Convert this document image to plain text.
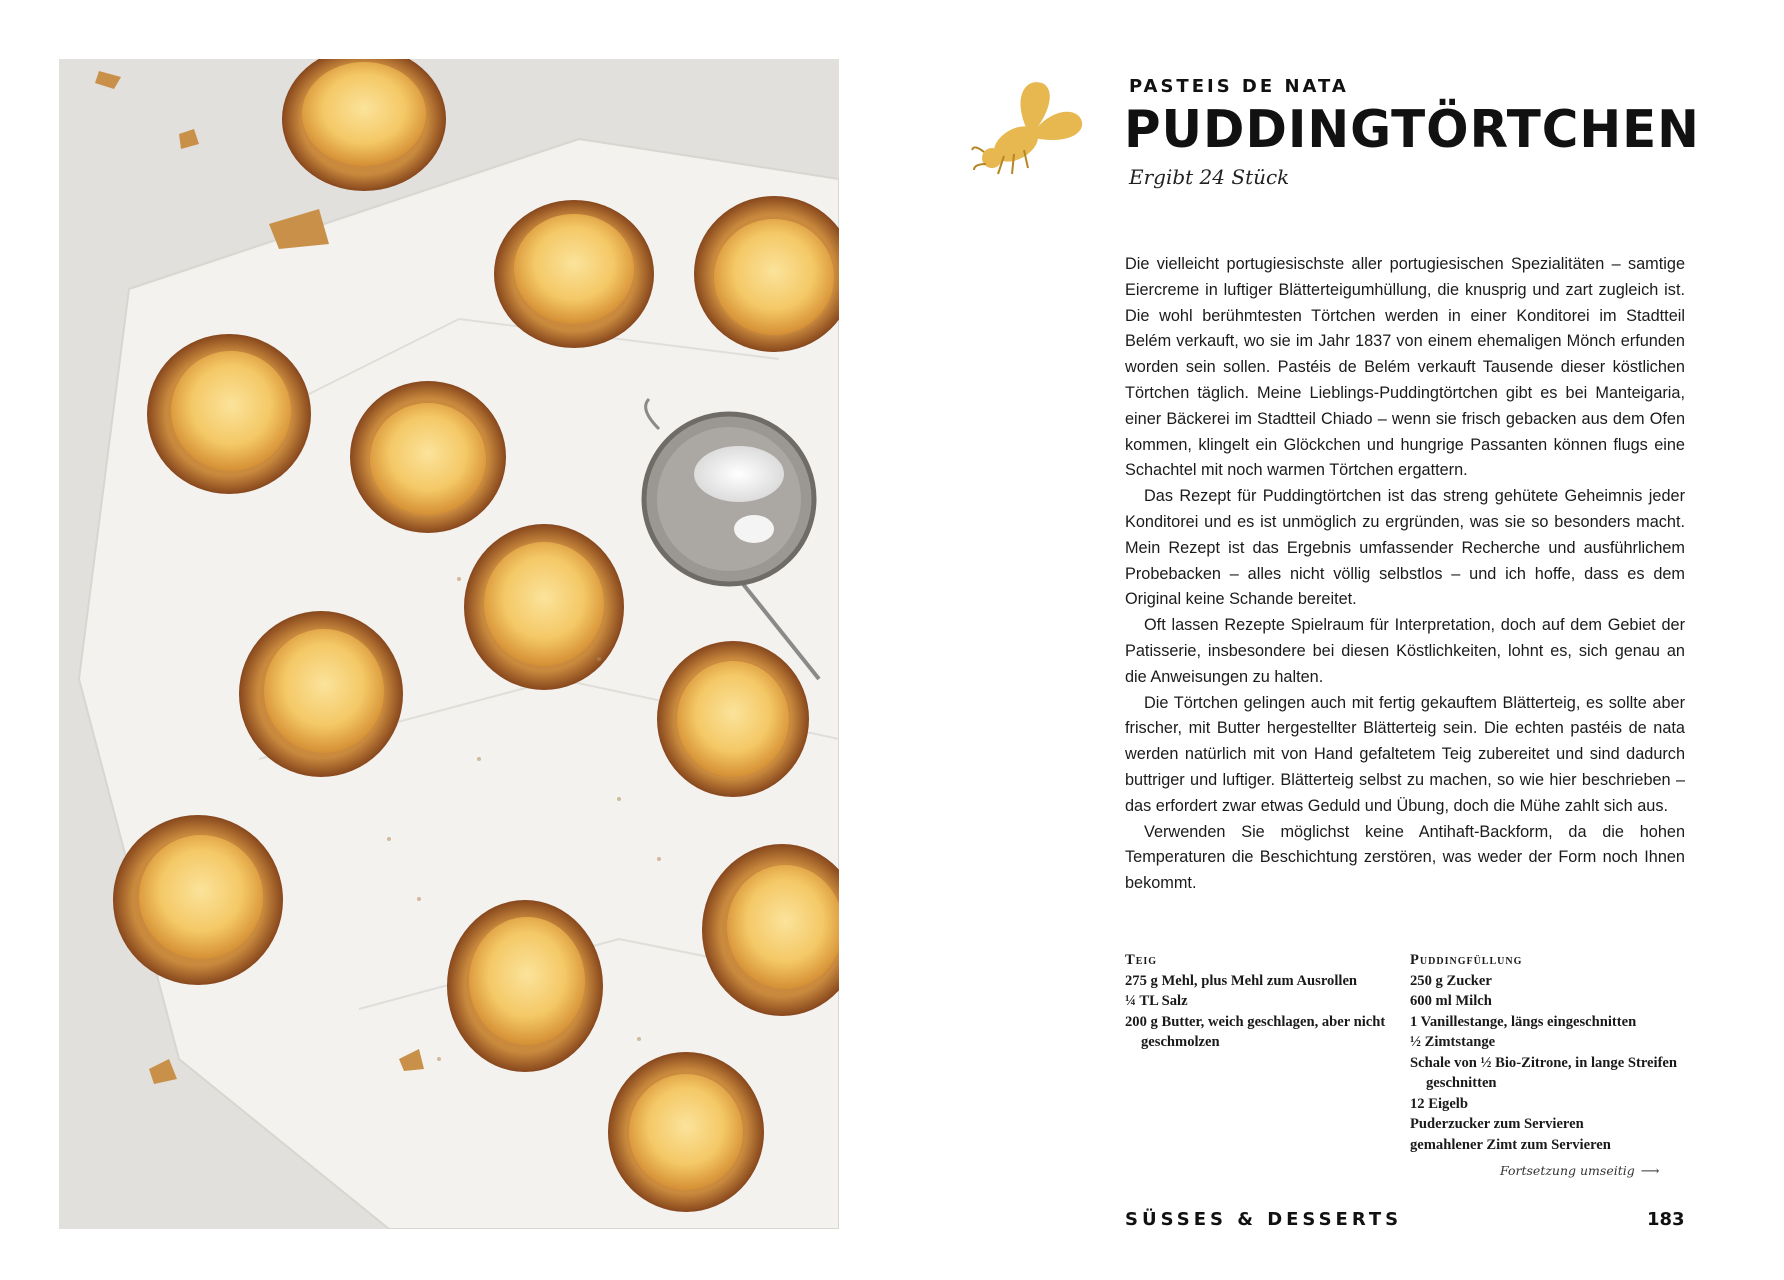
PASTEIS DE NATA
PUDDINGTÖRTCHEN
Ergibt 24 Stück

Die vielleicht portugiesischste aller portugiesischen Spezialitäten – samtige Eiercreme in luftiger Blätterteigumhüllung, die knusprig und zart zugleich ist. Die wohl berühmtesten Törtchen werden in einer Konditorei im Stadtteil Belém verkauft, wo sie im Jahr 1837 von einem ehemaligen Mönch erfunden worden sein sollen. Pastéis de Belém verkauft Tausende dieser köstlichen Törtchen täglich. Meine Lieblings-Puddingtörtchen gibt es bei Manteigaria, einer Bäckerei im Stadtteil Chiado – wenn sie frisch gebacken aus dem Ofen kommen, klingelt ein Glöckchen und hungrige Passanten können flugs eine Schachtel mit noch warmen Törtchen ergattern.

Das Rezept für Puddingtörtchen ist das streng gehütete Geheimnis jeder Konditorei und es ist unmöglich zu ergründen, was sie so besonders macht. Mein Rezept ist das Ergebnis umfassender Recherche und ausführlichem Probebacken – alles nicht völlig selbstlos – und ich hoffe, dass es dem Original keine Schande bereitet.

Oft lassen Rezepte Spielraum für Interpretation, doch auf dem Gebiet der Patisserie, insbesondere bei diesen Köstlichkeiten, lohnt es, sich genau an die Anweisungen zu halten.

Die Törtchen gelingen auch mit fertig gekauftem Blätterteig, es sollte aber frischer, mit Butter hergestellter Blätterteig sein. Die echten pastéis de nata werden natürlich mit von Hand gefaltetem Teig zubereitet und sind dadurch buttriger und luftiger. Blätterteig selbst zu machen, so wie hier beschrieben – das erfordert zwar etwas Geduld und Übung, doch die Mühe zahlt sich aus.

Verwenden Sie möglichst keine Antihaft-Backform, da die hohen Temperaturen die Beschichtung zerstören, was weder der Form noch Ihnen bekommt.

Teig
275 g Mehl, plus Mehl zum Ausrollen
¼ TL Salz
200 g Butter, weich geschlagen, aber nicht geschmolzen
Puddingfüllung
250 g Zucker
600 ml Milch
1 Vanillestange, längs eingeschnitten
½ Zimtstange
Schale von ½ Bio-Zitrone, in lange Streifen geschnitten
12 Eigelb
Puderzucker zum Servieren
gemahlener Zimt zum Servieren
Fortsetzung umseitig ⟶
SÜSSES & DESSERTS	183
